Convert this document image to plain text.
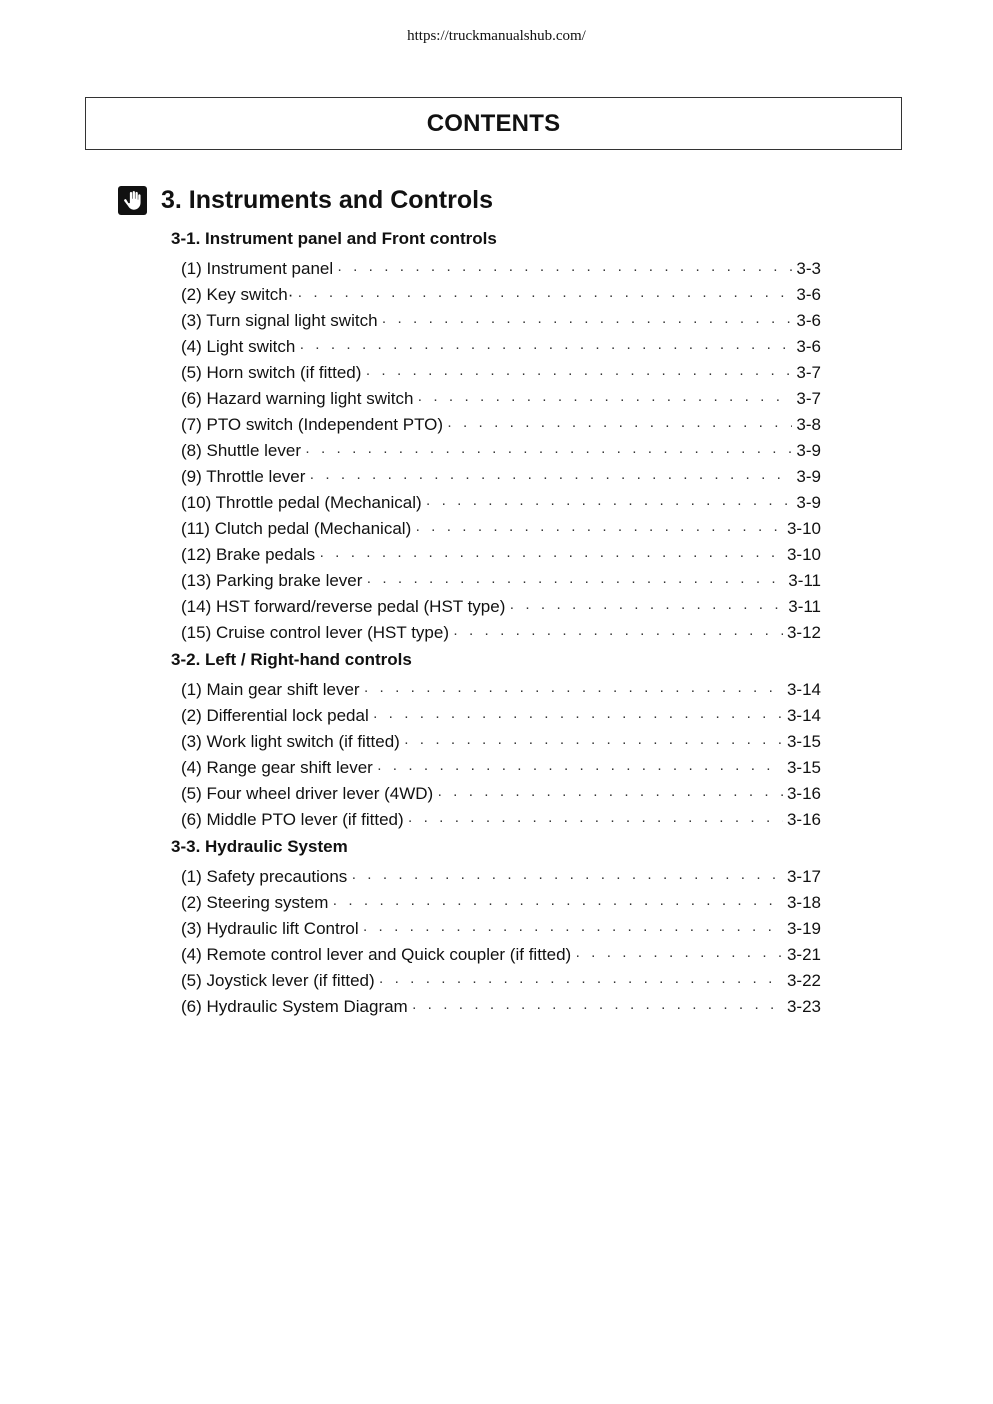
https://truckmanualshub.com/
CONTENTS
3. Instruments and Controls
3-1. Instrument panel and Front controls
(1) Instrument panel · · ·	3-3
(2) Key switch· · · ·	3-6
(3) Turn signal light switch · · ·	3-6
(4) Light switch · · ·	3-6
(5) Horn switch (if fitted) · · ·	3-7
(6) Hazard warning light switch · · ·	3-7
(7) PTO switch (Independent PTO) · · ·	3-8
(8) Shuttle lever · · ·	3-9
(9) Throttle lever · · ·	3-9
(10) Throttle pedal (Mechanical) · · ·	3-9
(11) Clutch pedal (Mechanical) · · ·	3-10
(12) Brake pedals · · ·	3-10
(13) Parking brake lever · · ·	3-11
(14) HST forward/reverse pedal (HST type) · · ·	3-11
(15) Cruise control lever (HST type) · · ·	3-12
3-2. Left / Right-hand controls
(1) Main gear shift lever · · ·	3-14
(2) Differential lock pedal · · ·	3-14
(3) Work light switch (if fitted) · · ·	3-15
(4) Range gear shift lever · · ·	3-15
(5) Four wheel driver lever (4WD) · · ·	3-16
(6) Middle PTO lever (if fitted) · · ·	3-16
3-3. Hydraulic System
(1) Safety precautions · · ·	3-17
(2) Steering system · · ·	3-18
(3) Hydraulic lift Control · · ·	3-19
(4) Remote control lever and Quick coupler (if fitted) · · ·	3-21
(5) Joystick lever (if fitted) · · ·	3-22
(6) Hydraulic System Diagram · · ·	3-23
